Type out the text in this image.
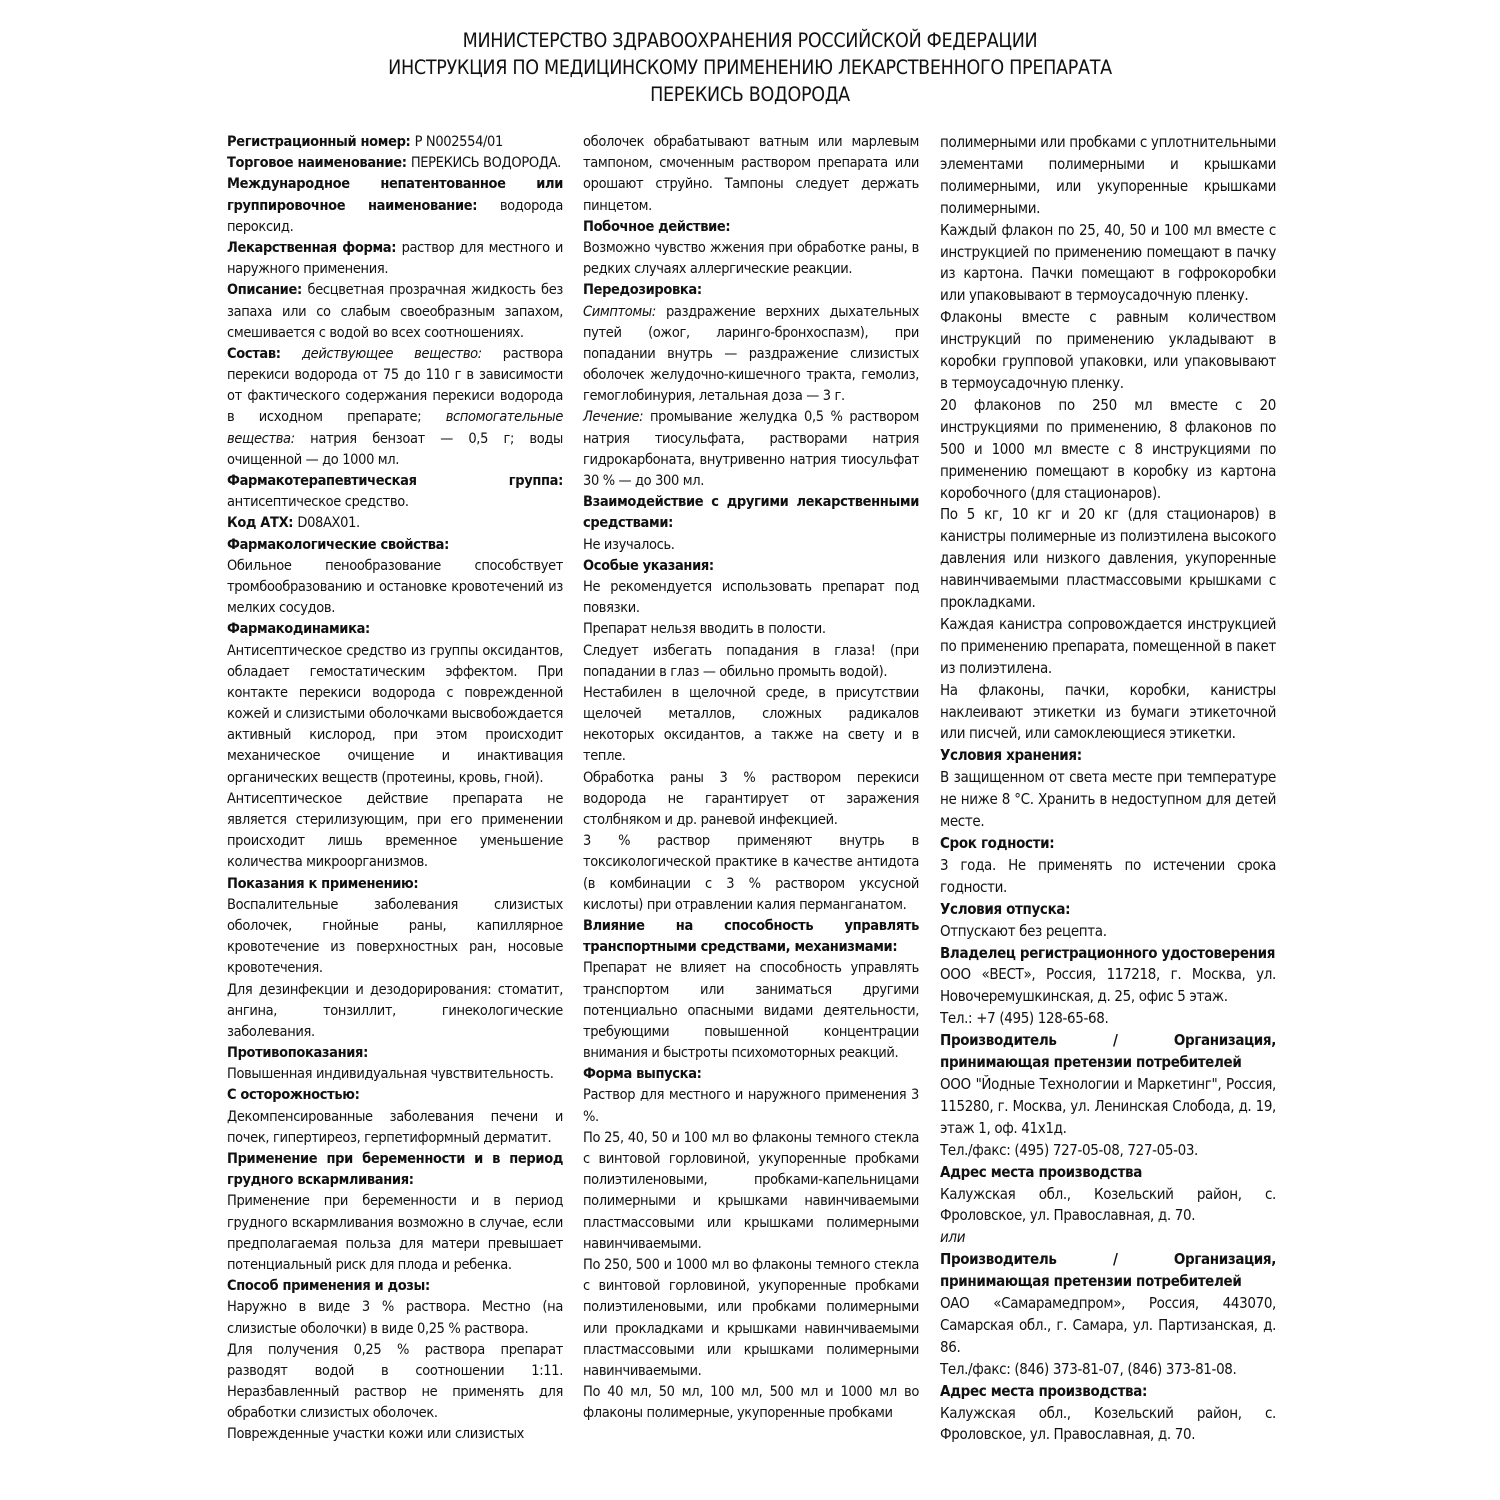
МИНИСТЕРСТВО ЗДРАВООХРАНЕНИЯ РОССИЙСКОЙ ФЕДЕРАЦИИ
ИНСТРУКЦИЯ ПО МЕДИЦИНСКОМУ ПРИМЕНЕНИЮ ЛЕКАРСТВЕННОГО ПРЕПАРАТА
ПЕРЕКИСЬ ВОДОРОДА

Регистрационный номер: Р N002554/01

Торговое наименование: ПЕРЕКИСЬ ВОДОРОДА.

Международное непатентованное или группировочное наименование: водорода пероксид.

Лекарственная форма: раствор для местного и наружного применения.

Описание: бесцветная прозрачная жидкость без запаха или со слабым своеобразным запахом, смешивается с водой во всех соотношениях.

Состав: действующее вещество: раствора перекиси водорода от 75 до 110 г в зависимости от фактического содержания перекиси водорода в исходном препарате; вспомогательные вещества: натрия бензоат — 0,5 г; воды очищенной — до 1000 мл.

Фармакотерапевтическая группа: антисептическое средство.

Код АТХ: D08AX01.

Фармакологические свойства:

Обильное пенообразование способствует тромбообразованию и остановке кровотечений из мелких сосудов.

Фармакодинамика:

Антисептическое средство из группы оксидантов, обладает гемостатическим эффектом. При контакте перекиси водорода с поврежденной кожей и слизистыми оболочками высвобождается активный кислород, при этом происходит механическое очищение и инактивация органических веществ (протеины, кровь, гной).

Антисептическое действие препарата не является стерилизующим, при его применении происходит лишь временное уменьшение количества микроорганизмов.

Показания к применению:

Воспалительные заболевания слизистых оболочек, гнойные раны, капиллярное кровотечение из поверхностных ран, носовые кровотечения.

Для дезинфекции и дезодорирования: стоматит, ангина, тонзиллит, гинекологические заболевания.

Противопоказания:

Повышенная индивидуальная чувствительность.

С осторожностью:

Декомпенсированные заболевания печени и почек, гипертиреоз, герпетиформный дерматит.

Применение при беременности и в период грудного вскармливания:

Применение при беременности и в период грудного вскармливания возможно в случае, если предполагаемая польза для матери превышает потенциальный риск для плода и ребенка.

Способ применения и дозы:

Наружно в виде 3 % раствора. Местно (на слизистые оболочки) в виде 0,25 % раствора.

Для получения 0,25 % раствора препарат разводят водой в соотношении 1:11. Неразбавленный раствор не применять для обработки слизистых оболочек.

Поврежденные участки кожи или слизистых

оболочек обрабатывают ватным или марлевым тампоном, смоченным раствором препарата или орошают струйно. Тампоны следует держать пинцетом.

Побочное действие:

Возможно чувство жжения при обработке раны, в редких случаях аллергические реакции.

Передозировка:

Симптомы: раздражение верхних дыхательных путей (ожог, ларинго-бронхоспазм), при попадании внутрь — раздражение слизистых оболочек желудочно-кишечного тракта, гемолиз, гемоглобинурия, летальная доза — 3 г.

Лечение: промывание желудка 0,5 % раствором натрия тиосульфата, растворами натрия гидрокарбоната, внутривенно натрия тиосульфат 30 % — до 300 мл.

Взаимодействие с другими лекарственными средствами:

Не изучалось.

Особые указания:

Не рекомендуется использовать препарат под повязки.

Препарат нельзя вводить в полости.

Следует избегать попадания в глаза! (при попадании в глаз — обильно промыть водой).

Нестабилен в щелочной среде, в присутствии щелочей металлов, сложных радикалов некоторых оксидантов, а также на свету и в тепле.

Обработка раны 3 % раствором перекиси водорода не гарантирует от заражения столбняком и др. раневой инфекцией.

3 % раствор применяют внутрь в токсикологической практике в качестве антидота (в комбинации с 3 % раствором уксусной кислоты) при отравлении калия перманганатом.

Влияние на способность управлять транспортными средствами, механизмами:

Препарат не влияет на способность управлять транспортом или заниматься другими потенциально опасными видами деятельности, требующими повышенной концентрации внимания и быстроты психомоторных реакций.

Форма выпуска:

Раствор для местного и наружного применения 3 %.

По 25, 40, 50 и 100 мл во флаконы темного стекла с винтовой горловиной, укупоренные пробками полиэтиленовыми, пробками-капельницами полимерными и крышками навинчиваемыми пластмассовыми или крышками полимерными навинчиваемыми.

По 250, 500 и 1000 мл во флаконы темного стекла с винтовой горловиной, укупоренные пробками полиэтиленовыми, или пробками полимерными или прокладками и крышками навинчиваемыми пластмассовыми или крышками полимерными навинчиваемыми.

По 40 мл, 50 мл, 100 мл, 500 мл и 1000 мл во флаконы полимерные, укупоренные пробками

полимерными или пробками с уплотнительными элементами полимерными и крышками полимерными, или укупоренные крышками полимерными.

Каждый флакон по 25, 40, 50 и 100 мл вместе с инструкцией по применению помещают в пачку из картона. Пачки помещают в гофрокоробки или упаковывают в термоусадочную пленку.

Флаконы вместе с равным количеством инструкций по применению укладывают в коробки групповой упаковки, или упаковывают в термоусадочную пленку.

20 флаконов по 250 мл вместе с 20 инструкциями по применению, 8 флаконов по 500 и 1000 мл вместе с 8 инструкциями по применению помещают в коробку из картона коробочного (для стационаров).

По 5 кг, 10 кг и 20 кг (для стационаров) в канистры полимерные из полиэтилена высокого давления или низкого давления, укупоренные навинчиваемыми пластмассовыми крышками с прокладками.

Каждая канистра сопровождается инструкцией по применению препарата, помещенной в пакет из полиэтилена.

На флаконы, пачки, коробки, канистры наклеивают этикетки из бумаги этикеточной или писчей, или самоклеющиеся этикетки.

Условия хранения:

В защищенном от света месте при температуре не ниже 8 °С. Хранить в недоступном для детей месте.

Срок годности:

3 года. Не применять по истечении срока годности.

Условия отпуска:

Отпускают без рецепта.

Владелец регистрационного удостоверения

ООО «ВЕСТ», Россия, 117218, г. Москва, ул. Новочеремушкинская, д. 25, офис 5 этаж.

Тел.: +7 (495) 128-65-68.

Производитель / Организация, принимающая претензии потребителей

ООО "Йодные Технологии и Маркетинг", Россия, 115280, г. Москва, ул. Ленинская Слобода, д. 19, этаж 1, оф. 41х1д.

Тел./факс: (495) 727-05-08, 727-05-03.

Адрес места производства

Калужская обл., Козельский район, с. Фроловское, ул. Православная, д. 70.

или

Производитель / Организация, принимающая претензии потребителей

ОАО «Самарамедпром», Россия, 443070, Самарская обл., г. Самара, ул. Партизанская, д. 86.

Тел./факс: (846) 373-81-07, (846) 373-81-08.

Адрес места производства:

Калужская обл., Козельский район, с. Фроловское, ул. Православная, д. 70.
